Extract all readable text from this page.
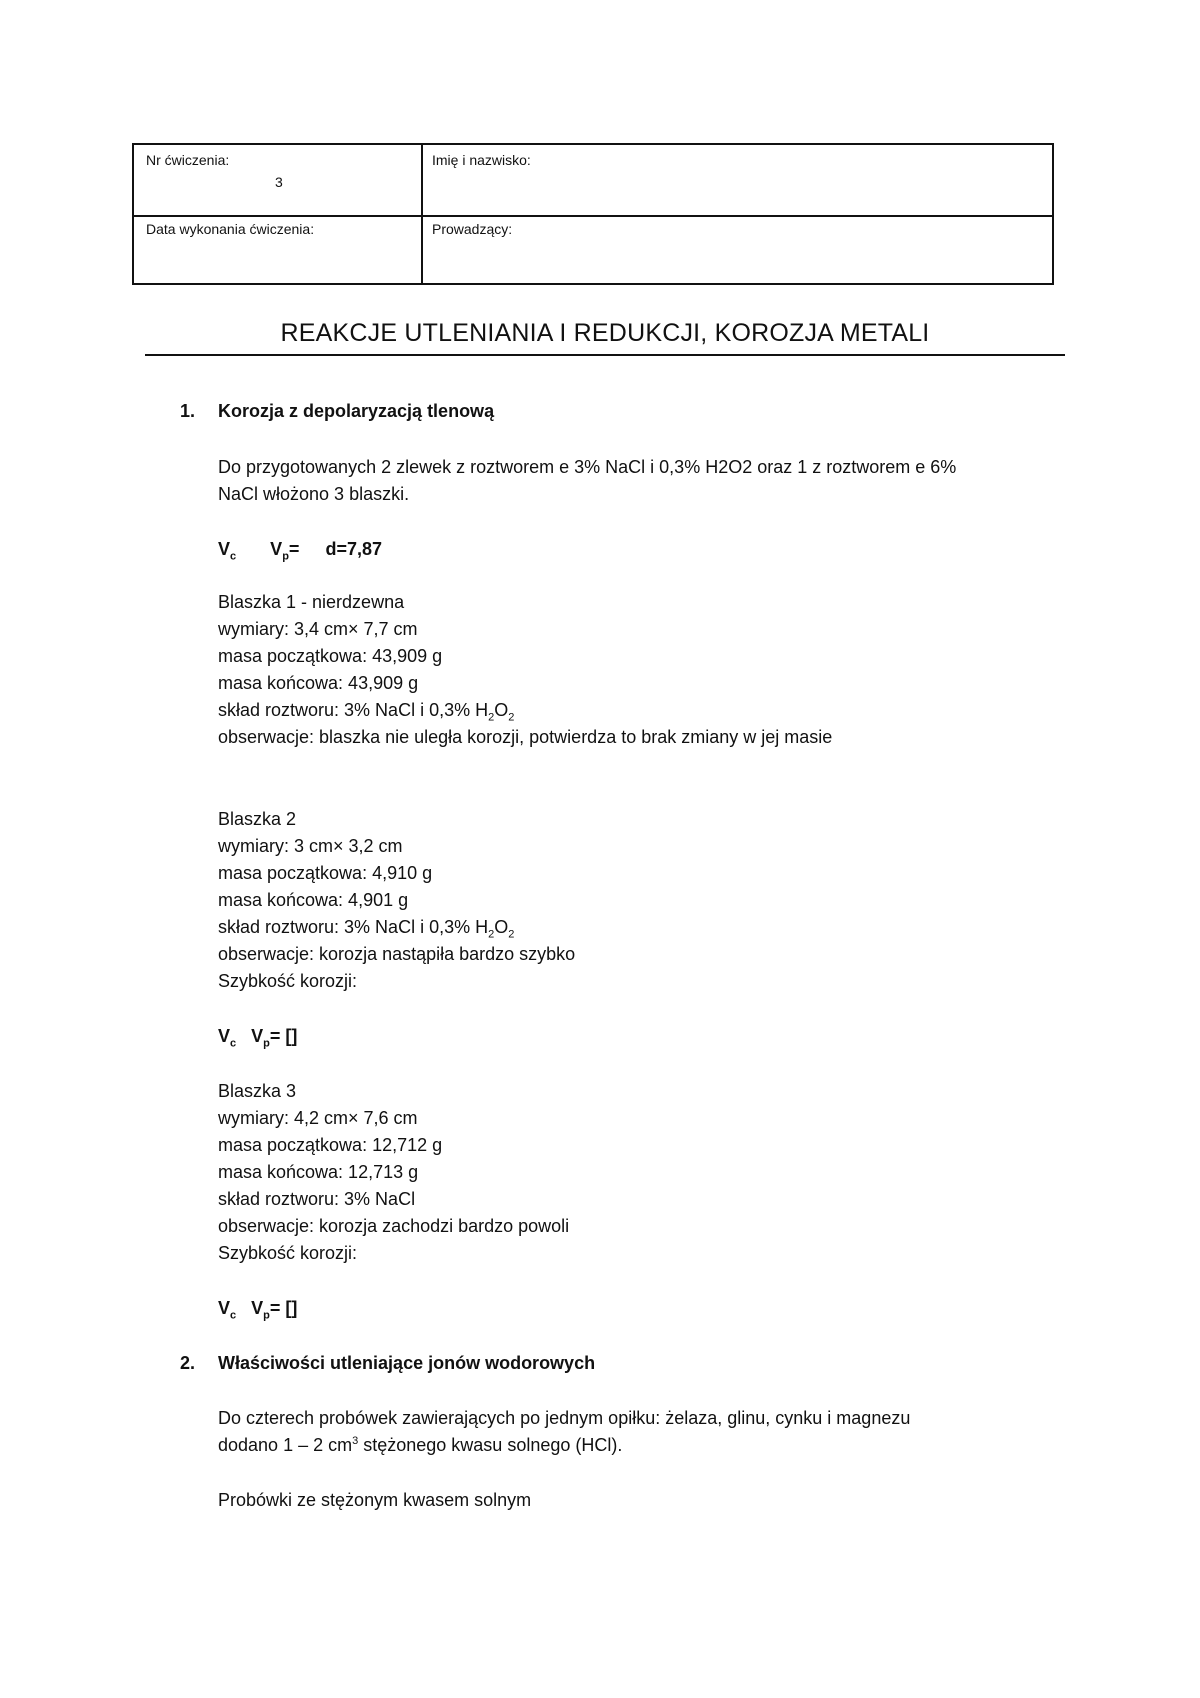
Nr ćwiczenia:
3
Imię i nazwisko:
Data wykonania ćwiczenia:	Prowadzący:
REAKCJE UTLENIANIA I REDUKCJI, KOROZJA METALI
1. Korozja z depolaryzacją tlenową
Do przygotowanych 2 zlewek z roztworem e 3% NaCl i 0,3% H2O2 oraz 1 z roztworem e 6%
NaCl włożono 3 blaszki.
$V_c$ $V_p= d=7,87$
Blaszka 1 - nierdzewna
wymiary: 3,4 cm× 7,7 cm
masa początkowa: 43,909 g
masa końcowa: 43,909 g
skład roztworu: 3% NaCl i 0,3% $H_2O_2$
obserwacje: blaszka nie uległa korozji, potwierdza to brak zmiany w jej masie
Blaszka 2
wymiary: 3 cm× 3,2 cm
masa początkowa: 4,910 g
masa końcowa: 4,901 g
skład roztworu: 3% NaCl i 0,3% $H_2O_2$
obserwacje: korozja nastąpiła bardzo szybko
Szybkość korozji:
$V_c$ $V_p=$ []
Blaszka 3
wymiary: 4,2 cm× 7,6 cm
masa początkowa: 12,712 g
masa końcowa: 12,713 g
skład roztworu: 3% NaCl
obserwacje: korozja zachodzi bardzo powoli
Szybkość korozji:
$V_c$ $V_p=$ []
2. Właściwości utleniające jonów wodorowych
Do czterech probówek zawierających po jednym opiłku: żelaza, glinu, cynku i magnezu
dodano 1 – 2 $cm^3$ stężonego kwasu solnego (HCl).
Probówki ze stężonym kwasem solnym
